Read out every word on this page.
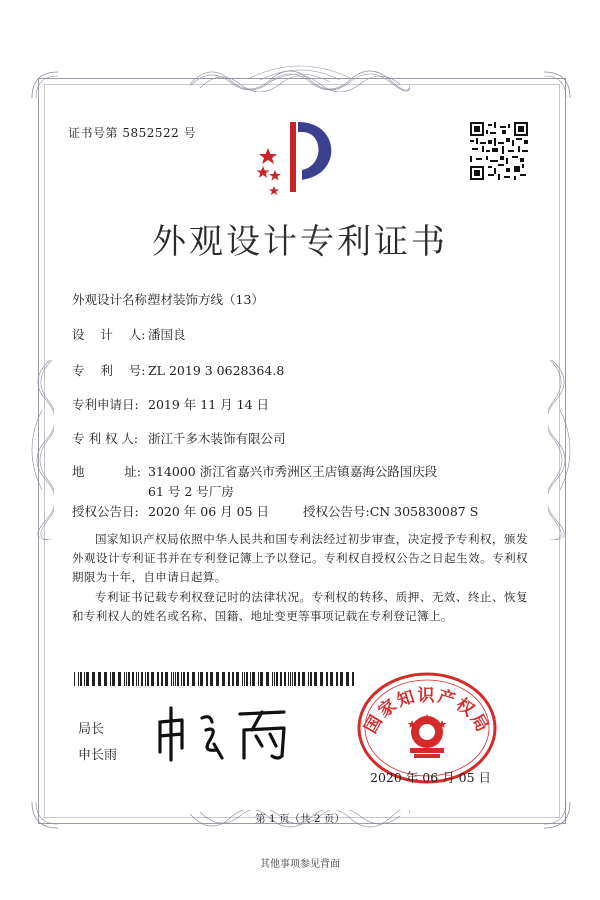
证书号第 5852522 号
外观设计专利证书
外观设计名称:塑材装饰方线（13）
设    计    人: 潘国良
专    利    号: ZL 2019 3 0628364.8
专利申请日: 2019 年 11 月 14 日
专 利 权 人: 浙江千多木装饰有限公司
地          址: 314000 浙江省嘉兴市秀洲区王店镇嘉海公路国庆段 61 号 2 号厂房
授权公告日: 2020 年 06 月 05 日	授权公告号:CN 305830087 S
国家知识产权局依照中华人民共和国专利法经过初步审查，决定授予专利权，颁发外观设计专利证书并在专利登记簿上予以登记。专利权自授权公告之日起生效。专利权期限为十年，自申请日起算。
专利证书记载专利权登记时的法律状况。专利权的转移、质押、无效、终止、恢复和专利权人的姓名或名称、国籍、地址变更等事项记载在专利登记簿上。
局长
申长雨
国家知识产权局
2020 年 06 月 05 日
第 1 页（共 2 页）
其他事项参见背面
